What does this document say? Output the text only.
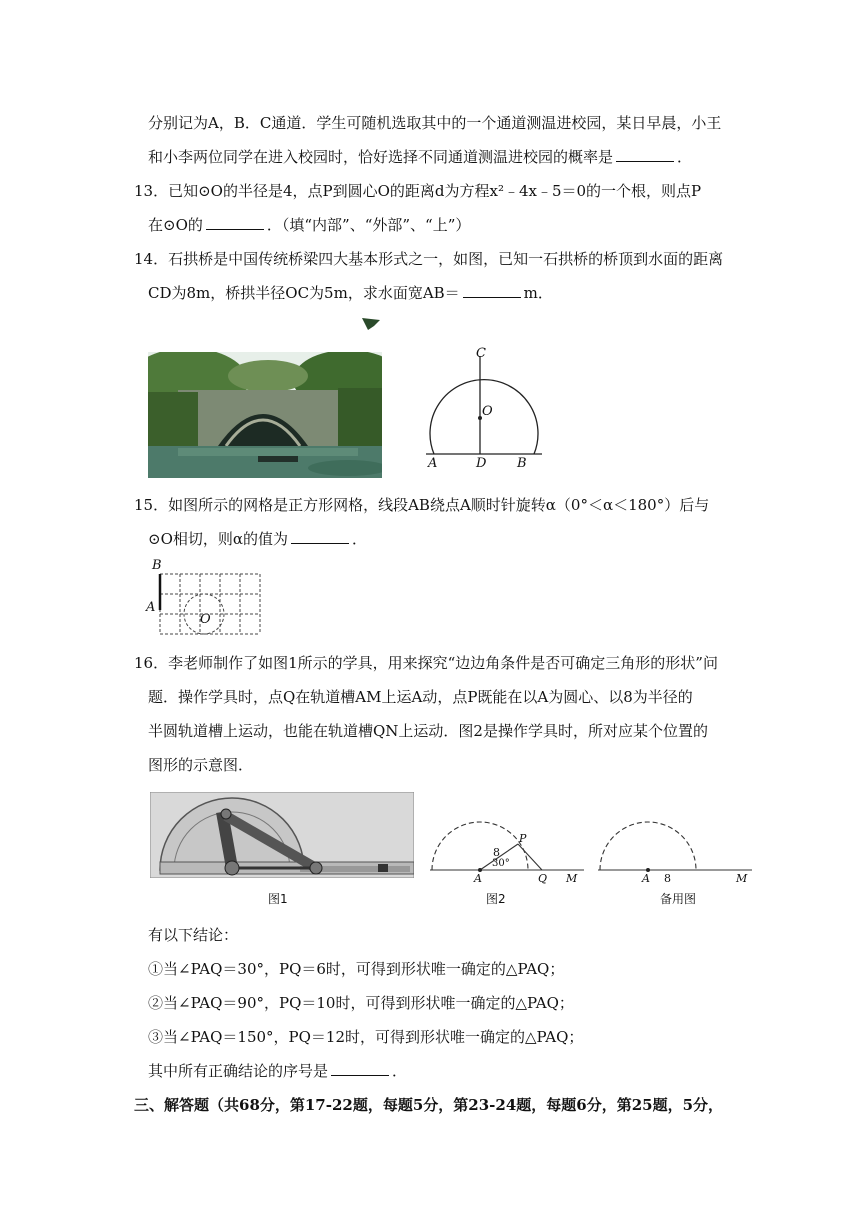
分别记为A，B．C通道．学生可随机选取其中的一个通道测温进校园，某日早晨，小王
和小李两位同学在进入校园时，恰好选择不同通道测温进校园的概率是	．
13．已知⊙O的半径是4，点P到圆心O的距离d为方程x²﹣4x﹣5＝0的一个根，则点P
在⊙O的	．（填“内部”、“外部”、“上”）
14．石拱桥是中国传统桥梁四大基本形式之一，如图，已知一石拱桥的桥顶到水面的距离
CD为8m，桥拱半径OC为5m，求水面宽AB＝	m．
C
O
A	D B
15．如图所示的网格是正方形网格，线段AB绕点A顺时针旋转α（0°＜α＜180°）后与
⊙O相切，则α的值为	．
B
A
O
16．李老师制作了如图1所示的学具，用来探究“边边角条件是否可确定三角形的形状”问
题．操作学具时，点Q在轨道槽AM上运A动，点P既能在以A为圆心、以8为半径的
半圆轨道槽上运动，也能在轨道槽QN上运动．图2是操作学具时，所对应某个位置的
图形的示意图．
P
8
30°
A	Q M	A 8	M
图1	图2	备用图
有以下结论：
①当∠PAQ＝30°，PQ＝6时，可得到形状唯一确定的△PAQ；
②当∠PAQ＝90°，PQ＝10时，可得到形状唯一确定的△PAQ；
③当∠PAQ＝150°，PQ＝12时，可得到形状唯一确定的△PAQ；
其中所有正确结论的序号是	．
三、解答题（共68分，第17-22题，每题5分，第23-24题，每题6分，第25题，5分，
